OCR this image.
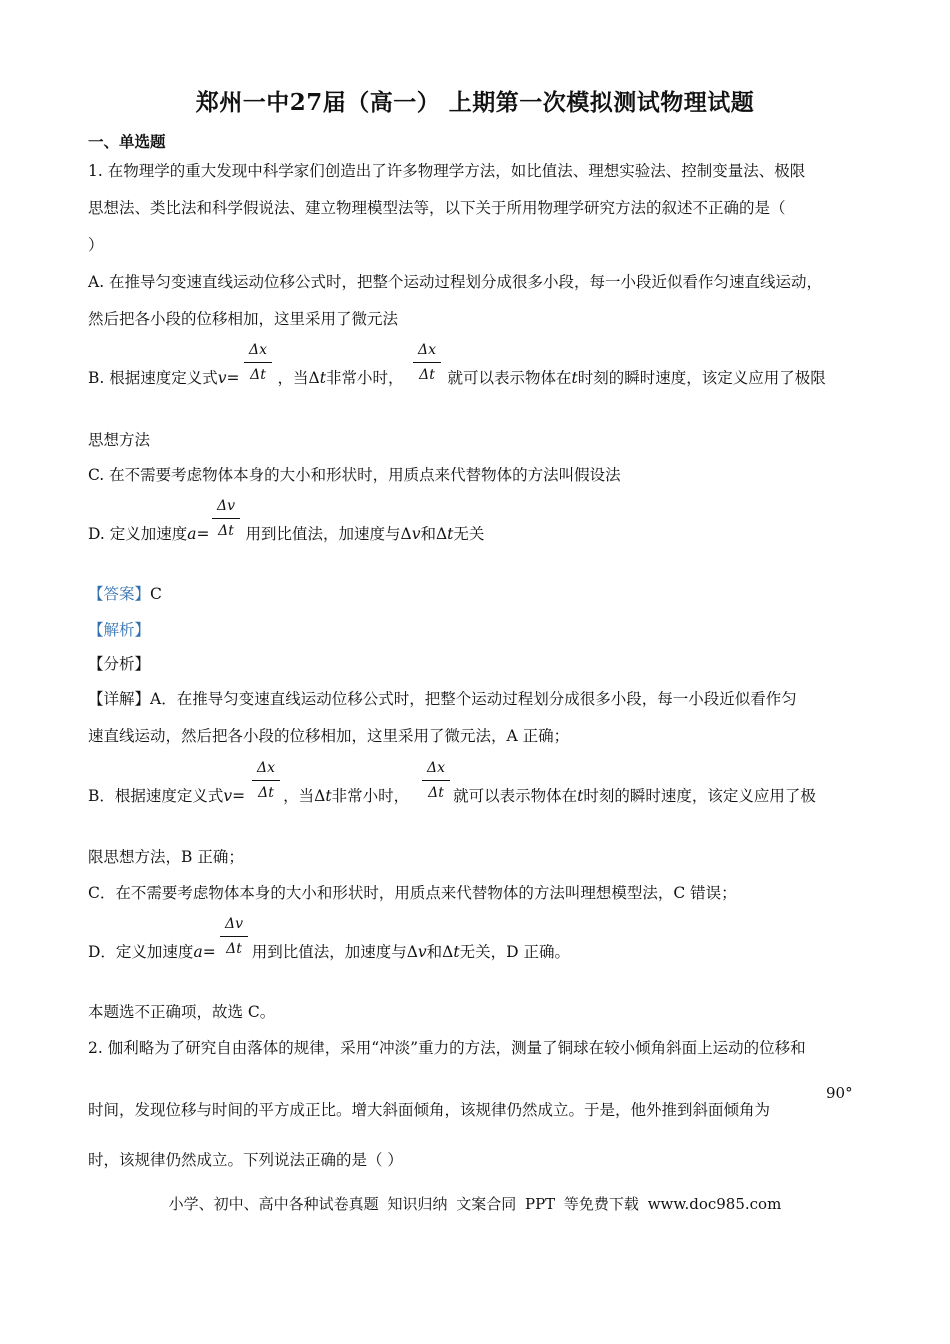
郑州一中27届（高一） 上期第一次模拟测试物理试题
一、单选题
1. 在物理学的重大发现中科学家们创造出了许多物理学方法，如比值法、理想实验法、控制变量法、极限
思想法、类比法和科学假说法、建立物理模型法等，以下关于所用物理学研究方法的叙述不正确的是（
）
A. 在推导匀变速直线运动位移公式时，把整个运动过程划分成很多小段，每一小段近似看作匀速直线运动，
然后把各小段的位移相加，这里采用了微元法
B. 根据速度定义式v= ，当Δt非常小时，	就可以表示物体在t时刻的瞬时速度，该定义应用了极限
$\frac{\Delta x}{\Delta t}$	$\frac{\Delta x}{\Delta t}$
思想方法
C. 在不需要考虑物体本身的大小和形状时，用质点来代替物体的方法叫假设法
D. 定义加速度a= 用到比值法，加速度与Δv和Δt无关
$\frac{\Delta v}{\Delta t}$
【答案】C
【解析】
【分析】
【详解】A．在推导匀变速直线运动位移公式时，把整个运动过程划分成很多小段，每一小段近似看作匀
速直线运动，然后把各小段的位移相加，这里采用了微元法，A 正确；
B．根据速度定义式v= ，当Δt非常小时，	就可以表示物体在t时刻的瞬时速度，该定义应用了极
$\frac{\Delta x}{\Delta t}$	$\frac{\Delta x}{\Delta t}$
限思想方法，B 正确；
C．在不需要考虑物体本身的大小和形状时，用质点来代替物体的方法叫理想模型法，C 错误；
D．定义加速度a= 用到比值法，加速度与Δv和Δt无关，D 正确。
$\frac{\Delta v}{\Delta t}$
本题选不正确项，故选 C。
2. 伽利略为了研究自由落体的规律，采用“冲淡”重力的方法，测量了铜球在较小倾角斜面上运动的位移和
90°
时间，发现位移与时间的平方成正比。增大斜面倾角，该规律仍然成立。于是，他外推到斜面倾角为
时，该规律仍然成立。下列说法正确的是（ ）
小学、初中、高中各种试卷真题 知识归纳 文案合同 PPT 等免费下载 www.doc985.com
